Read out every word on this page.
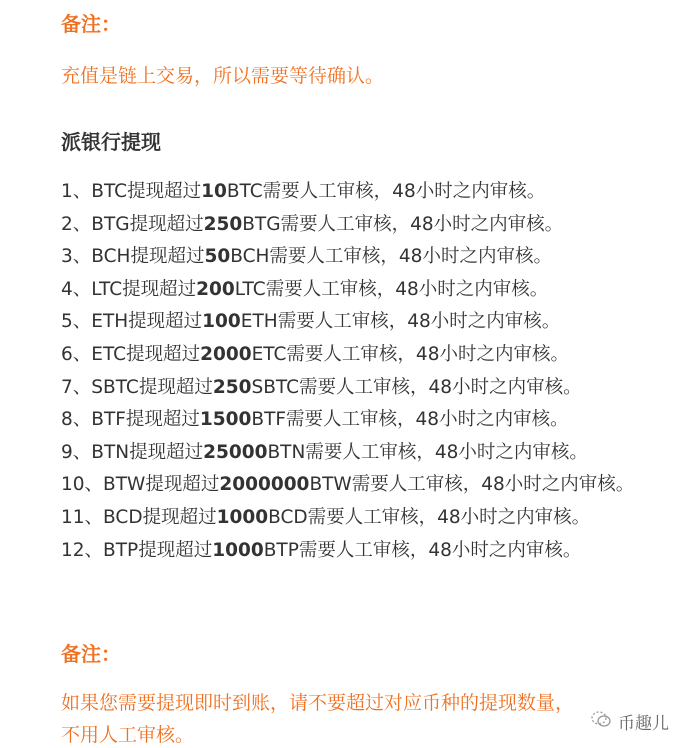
备注：
充值是链上交易，所以需要等待确认。
派银行提现
1、BTC提现超过10BTC需要人工审核，48小时之内审核。
2、BTG提现超过250BTG需要人工审核，48小时之内审核。
3、BCH提现超过50BCH需要人工审核，48小时之内审核。
4、LTC提现超过200LTC需要人工审核，48小时之内审核。
5、ETH提现超过100ETH需要人工审核，48小时之内审核。
6、ETC提现超过2000ETC需要人工审核，48小时之内审核。
7、SBTC提现超过250SBTC需要人工审核，48小时之内审核。
8、BTF提现超过1500BTF需要人工审核，48小时之内审核。
9、BTN提现超过25000BTN需要人工审核，48小时之内审核。
10、BTW提现超过2000000BTW需要人工审核，48小时之内审核。
11、BCD提现超过1000BCD需要人工审核，48小时之内审核。
12、BTP提现超过1000BTP需要人工审核，48小时之内审核。
备注：
如果您需要提现即时到账，请不要超过对应币种的提现数量，
不用人工审核。	币趣儿
